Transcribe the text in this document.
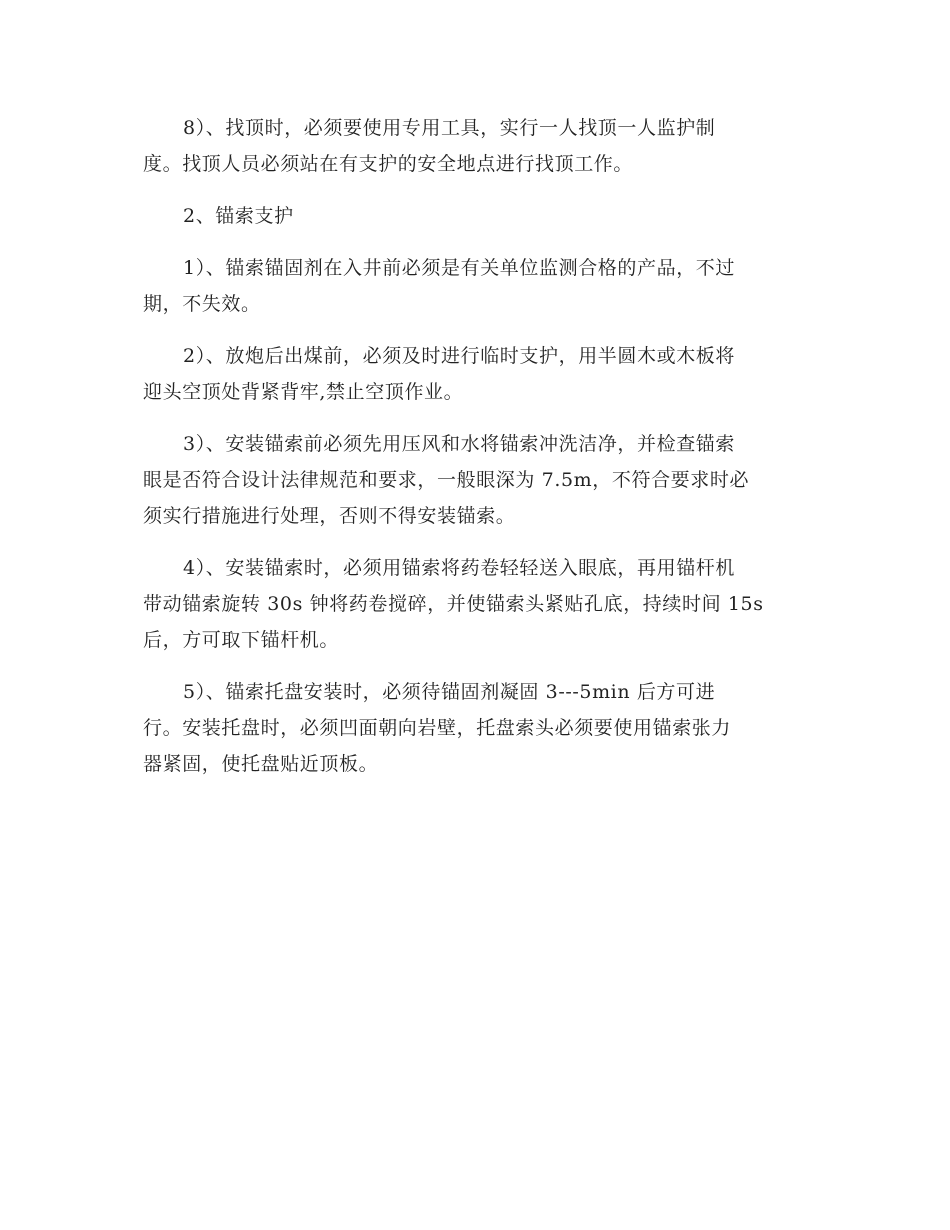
8）、找顶时，必须要使用专用工具，实行一人找顶一人监护制
度。找顶人员必须站在有支护的安全地点进行找顶工作。

2、锚索支护

1）、锚索锚固剂在入井前必须是有关单位监测合格的产品，不过
期，不失效。

2）、放炮后出煤前，必须及时进行临时支护，用半圆木或木板将
迎头空顶处背紧背牢,禁止空顶作业。

3）、安装锚索前必须先用压风和水将锚索冲洗洁净，并检查锚索
眼是否符合设计法律规范和要求，一般眼深为 7.5m，不符合要求时必
须实行措施进行处理，否则不得安装锚索。

4）、安装锚索时，必须用锚索将药卷轻轻送入眼底，再用锚杆机
带动锚索旋转 30s 钟将药卷搅碎，并使锚索头紧贴孔底，持续时间 15s
后，方可取下锚杆机。

5）、锚索托盘安装时，必须待锚固剂凝固 3---5min 后方可进
行。安装托盘时，必须凹面朝向岩壁，托盘索头必须要使用锚索张力
器紧固，使托盘贴近顶板。
